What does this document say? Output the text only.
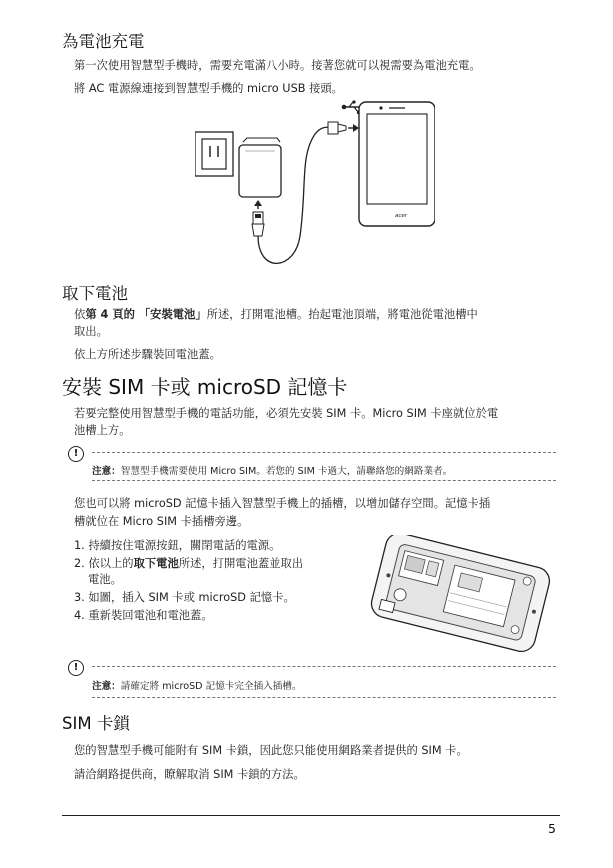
為電池充電
第一次使用智慧型手機時，需要充電滿八小時。接著您就可以視需要為電池充電。
將 AC 電源線連接到智慧型手機的 micro USB 接頭。
acer
取下電池
依第 4 頁的 「安裝電池」所述，打開電池槽。抬起電池頂端，將電池從電池槽中
取出。
依上方所述步驟裝回電池蓋。
安裝 SIM 卡或 microSD 記憶卡
若要完整使用智慧型手機的電話功能，必須先安裝 SIM 卡。Micro SIM 卡座就位於電
池槽上方。
!
注意：智慧型手機需要使用 Micro SIM。若您的 SIM 卡過大，請聯絡您的網路業者。
您也可以將 microSD 記憶卡插入智慧型手機上的插槽，以增加儲存空間。記憶卡插
槽就位在 Micro SIM 卡插槽旁邊。
1. 持續按住電源按鈕，關閉電話的電源。
2. 依以上的取下電池所述，打開電池蓋並取出
電池。
3. 如圖，插入 SIM 卡或 microSD 記憶卡。
4. 重新裝回電池和電池蓋。
!
注意：請確定將 microSD 記憶卡完全插入插槽。
SIM 卡鎖
您的智慧型手機可能附有 SIM 卡鎖，因此您只能使用網路業者提供的 SIM 卡。
請洽網路提供商，瞭解取消 SIM 卡鎖的方法。
5
